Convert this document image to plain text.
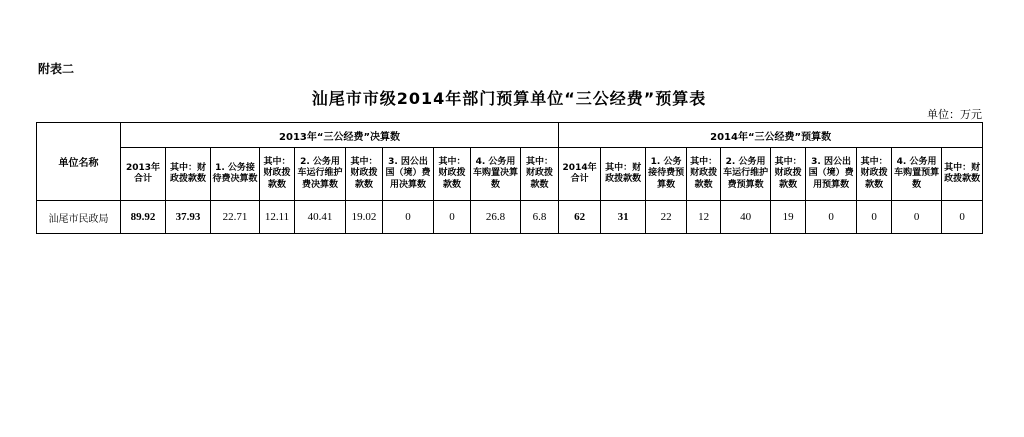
附表二
汕尾市市级2014年部门预算单位“三公经费”预算表
单位：万元
单位名称	2013年“三公经费”决算数										2014年“三公经费”预算数									
	2013年合计	其中：财政拨款数	1. 公务接待费决算数	其中：财政拨款数	2. 公务用车运行维护费决算数	其中：财政拨款数	3. 因公出国（境）费用决算数	其中：财政拨款数	4. 公务用车购置决算数	其中：财政拨款数	2014年合计	其中：财政拨款数	1. 公务接待费预算数	其中：财政拨款数	2. 公务用车运行维护费预算数	其中：财政拨款数	3. 因公出国（境）费用预算数	其中：财政拨款数	4. 公务用车购置预算数	其中：财政拨款数
汕尾市民政局	89.92	37.93	22.71	12.11	40.41	19.02	0	0	26.8	6.8	62	31	22	12	40	19	0	0	0	0
